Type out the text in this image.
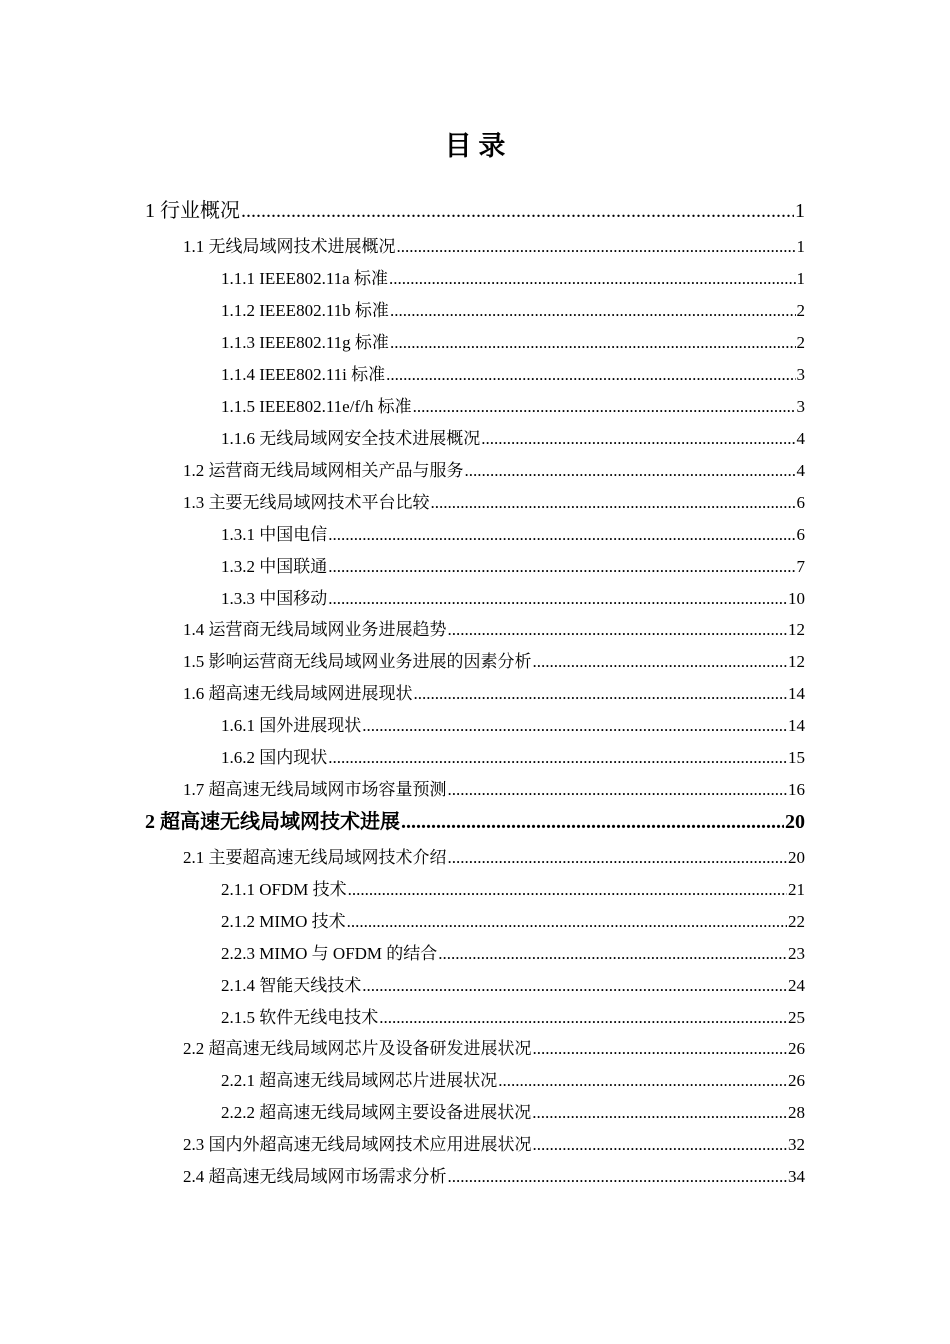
目 录
1 行业概况 .....	1
1.1 无线局域网技术进展概况 .....	1
1.1.1 IEEE802.11a 标准 .....	1
1.1.2 IEEE802.11b 标准 .....	2
1.1.3 IEEE802.11g 标准 .....	2
1.1.4 IEEE802.11i 标准 .....	3
1.1.5 IEEE802.11e/f/h 标准 .....	3
1.1.6 无线局域网安全技术进展概况 .....	4
1.2 运营商无线局域网相关产品与服务 .....	4
1.3 主要无线局域网技术平台比较 .....	6
1.3.1 中国电信 .....	6
1.3.2 中国联通 .....	7
1.3.3 中国移动 .....	10
1.4 运营商无线局域网业务进展趋势 .....	12
1.5 影响运营商无线局域网业务进展的因素分析 .....	12
1.6 超高速无线局域网进展现状 .....	14
1.6.1 国外进展现状 .....	14
1.6.2 国内现状 .....	15
1.7 超高速无线局域网市场容量预测 .....	16
2 超高速无线局域网技术进展 .....	20
2.1 主要超高速无线局域网技术介绍 .....	20
2.1.1 OFDM 技术 .....	21
2.1.2 MIMO 技术 .....	22
2.2.3 MIMO 与 OFDM 的结合 .....	23
2.1.4 智能天线技术 .....	24
2.1.5 软件无线电技术 .....	25
2.2 超高速无线局域网芯片及设备研发进展状况 .....	26
2.2.1 超高速无线局域网芯片进展状况 .....	26
2.2.2 超高速无线局域网主要设备进展状况 .....	28
2.3 国内外超高速无线局域网技术应用进展状况 .....	32
2.4 超高速无线局域网市场需求分析 .....	34
